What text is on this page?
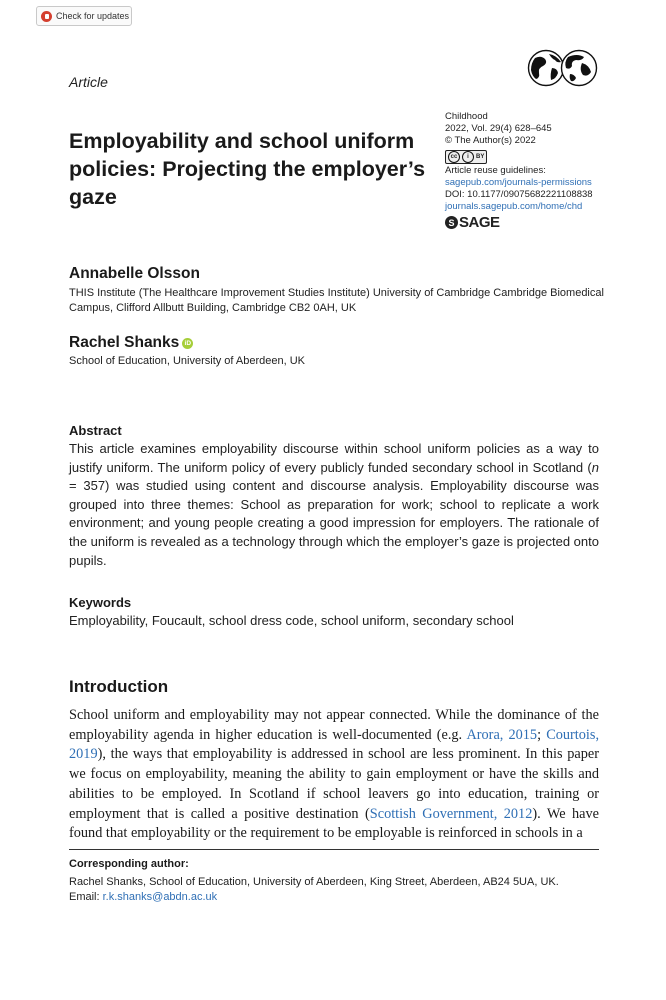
Check for updates
Article
Employability and school uniform policies: Projecting the employer’s gaze
Childhood
2022, Vol. 29(4) 628–645
© The Author(s) 2022
cc	i	BY
Article reuse guidelines:
sagepub.com/journals-permissions
DOI: 10.1177/09075682221108838
journals.sagepub.com/home/chd
S SAGE
Annabelle Olsson
THIS Institute (The Healthcare Improvement Studies Institute) University of Cambridge Cambridge Biomedical Campus, Clifford Allbutt Building, Cambridge CB2 0AH, UK
Rachel Shanks iD
School of Education, University of Aberdeen, UK
Abstract
This article examines employability discourse within school uniform policies as a way to justify uniform. The uniform policy of every publicly funded secondary school in Scotland (n = 357) was studied using content and discourse analysis. Employability discourse was grouped into three themes: School as preparation for work; school to replicate a work environment; and young people creating a good impression for employers. The rationale of the uniform is revealed as a technology through which the employer’s gaze is projected onto pupils.
Keywords
Employability, Foucault, school dress code, school uniform, secondary school
Introduction
School uniform and employability may not appear connected. While the dominance of the employability agenda in higher education is well-documented (e.g. Arora, 2015; Courtois, 2019), the ways that employability is addressed in school are less prominent. In this paper we focus on employability, meaning the ability to gain employment or have the skills and abilities to be employed. In Scotland if school leavers go into education, training or employment that is called a positive destination (Scottish Government, 2012). We have found that employability or the requirement to be employable is reinforced in schools in a
Corresponding author:
Rachel Shanks, School of Education, University of Aberdeen, King Street, Aberdeen, AB24 5UA, UK.
Email: r.k.shanks@abdn.ac.uk
